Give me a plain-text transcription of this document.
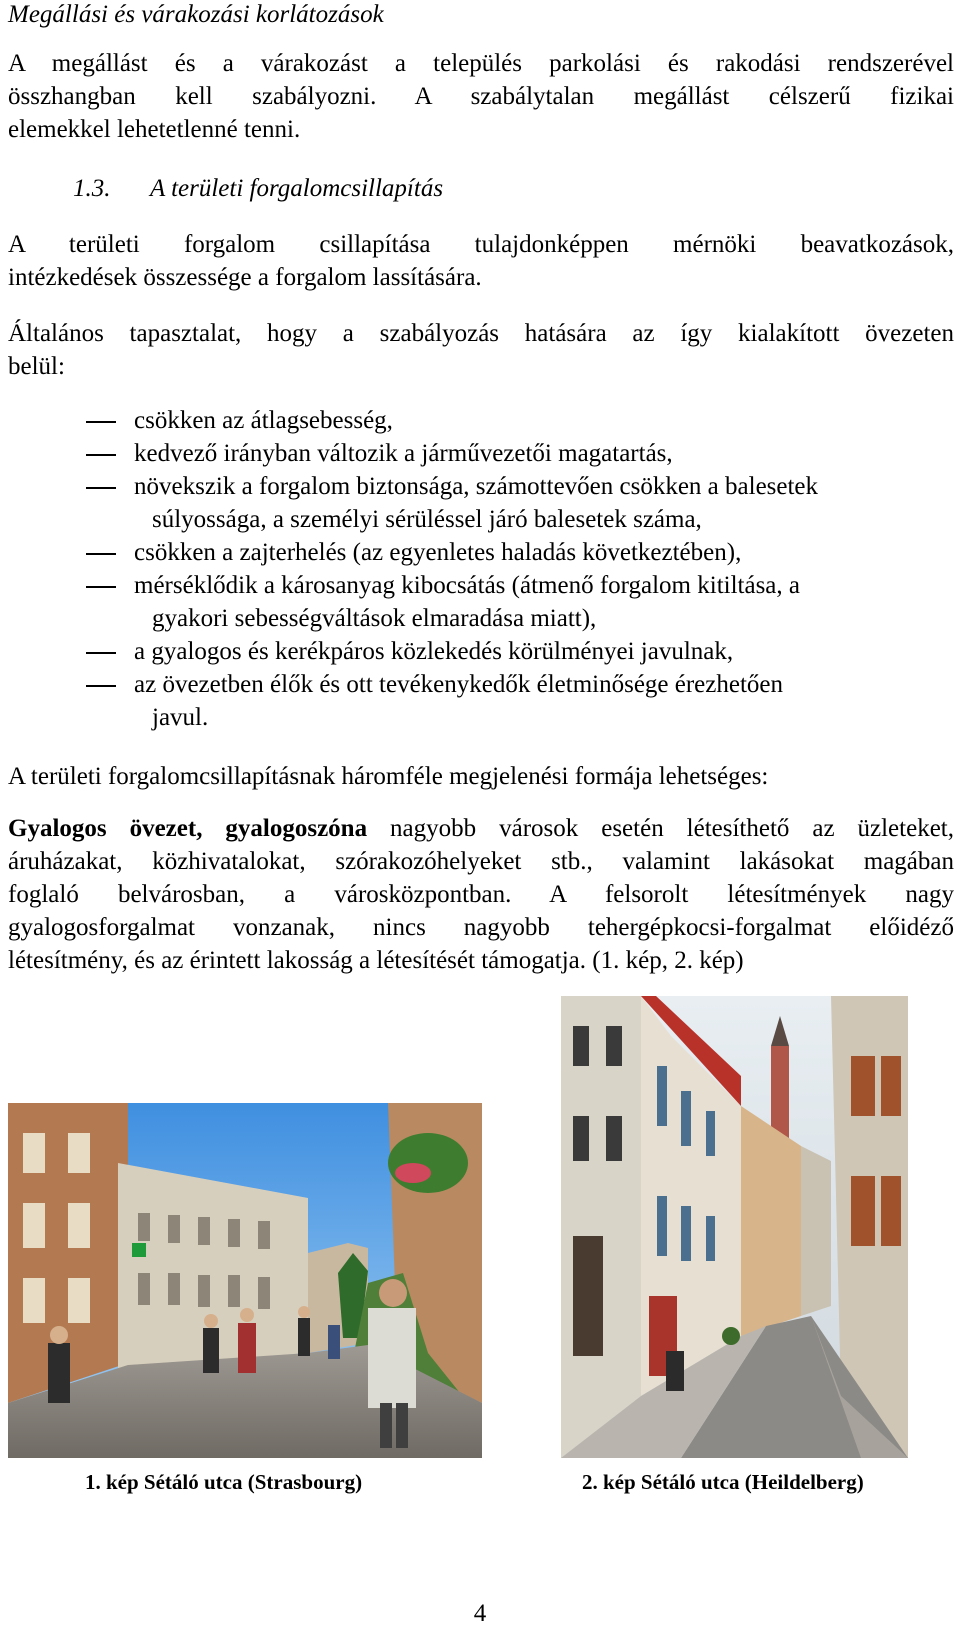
Megállási és várakozási korlátozások
A megállást és a várakozást a település parkolási és rakodási rendszerével
összhangban kell szabályozni. A szabálytalan megállást célszerű fizikai
elemekkel lehetetlenné tenni.
1.3. A területi forgalomcsillapítás
A területi forgalom csillapítása tulajdonképpen mérnöki beavatkozások,
intézkedések összessége a forgalom lassítására.
Általános tapasztalat, hogy a szabályozás hatására az így kialakított övezeten
belül:
csökken az átlagsebesség,
kedvező irányban változik a járművezetői magatartás,
növekszik a forgalom biztonsága, számottevően csökken a balesetek
súlyossága, a személyi sérüléssel járó balesetek száma,
csökken a zajterhelés (az egyenletes haladás következtében),
mérséklődik a károsanyag kibocsátás (átmenő forgalom kitiltása, a
gyakori sebességváltások elmaradása miatt),
a gyalogos és kerékpáros közlekedés körülményei javulnak,
az övezetben élők és ott tevékenykedők életminősége érezhetően
javul.
A területi forgalomcsillapításnak háromféle megjelenési formája lehetséges:
Gyalogos övezet, gyalogoszóna nagyobb városok esetén létesíthető az üzleteket,
áruházakat, közhivatalokat, szórakozóhelyeket stb., valamint lakásokat magában
foglaló belvárosban, a városközpontban. A felsorolt létesítmények nagy
gyalogosforgalmat vonzanak, nincs nagyobb tehergépkocsi-forgalmat előidéző
létesítmény, és az érintett lakosság a létesítését támogatja. (1. kép, 2. kép)
1. kép Sétáló utca (Strasbourg)	2. kép Sétáló utca (Heildelberg)
4
